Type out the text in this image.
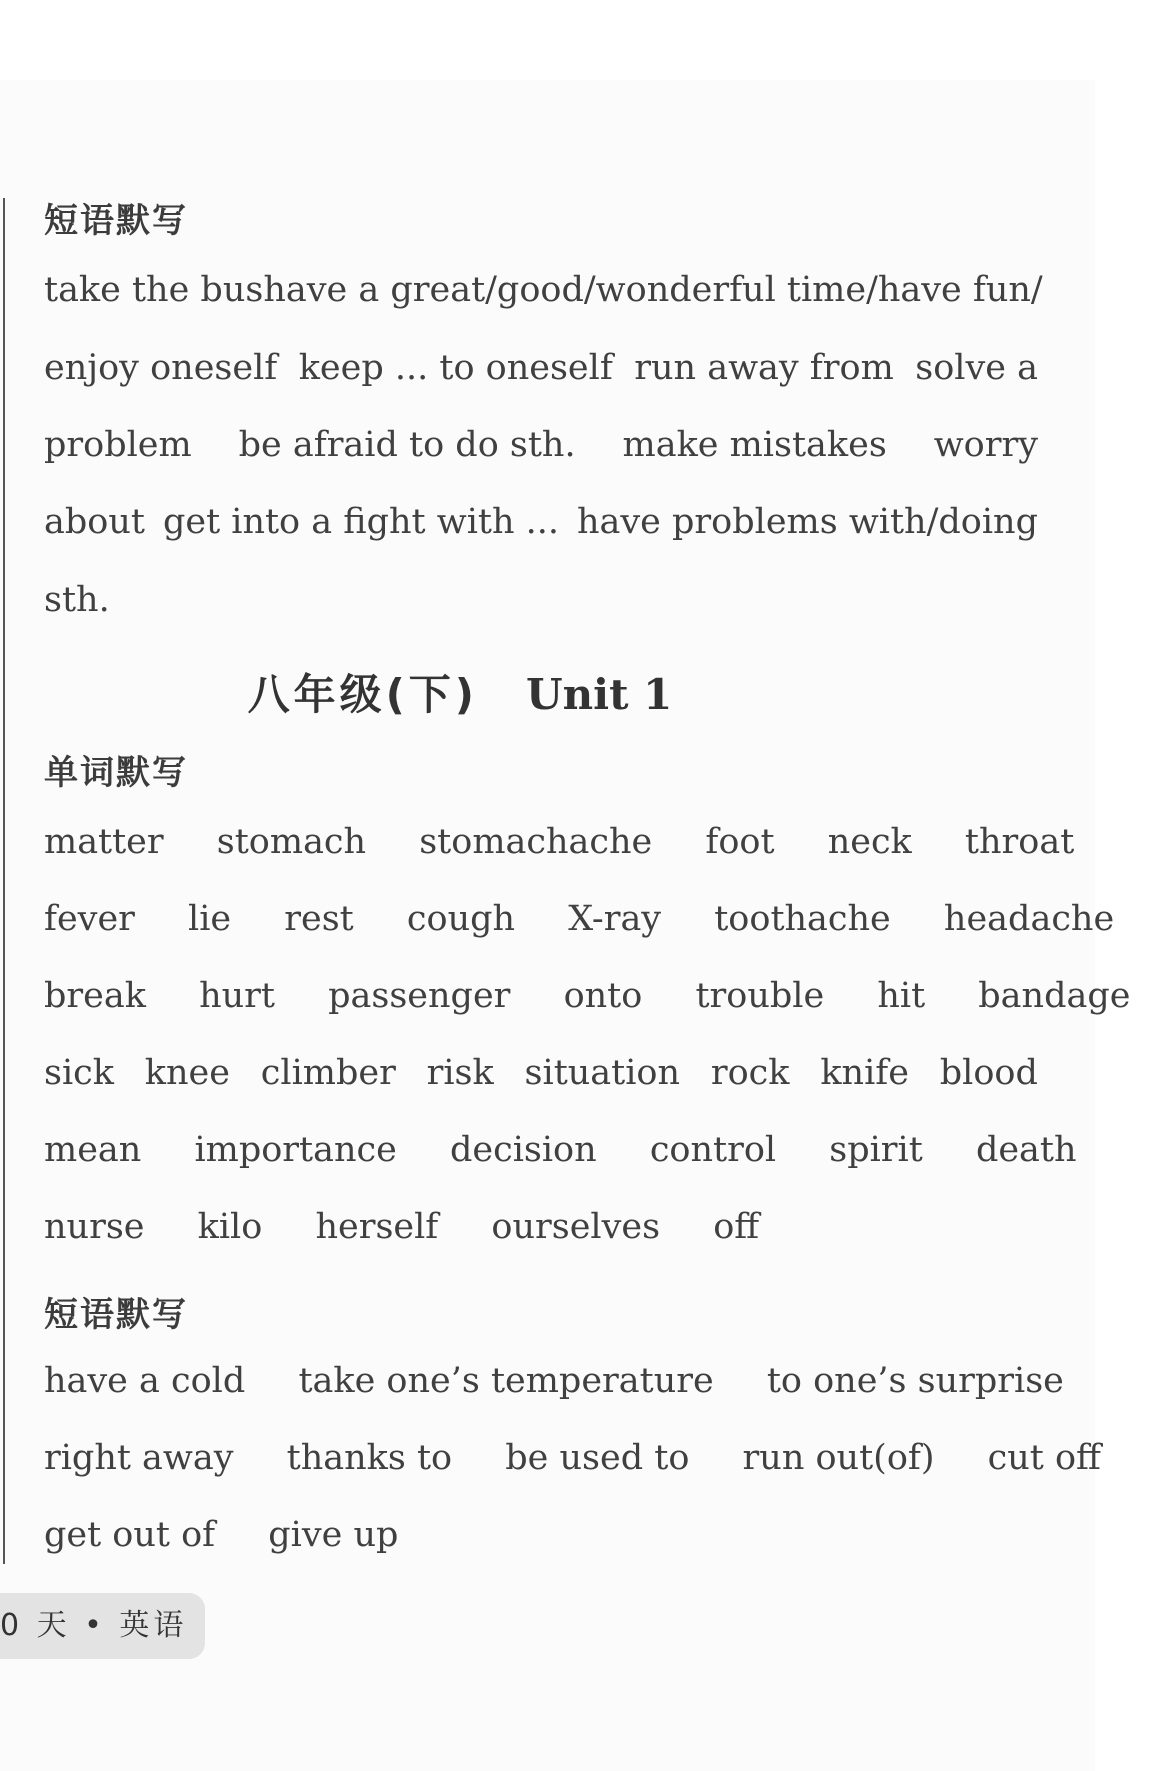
短语默写

take the bus have a great/good/wonderful time/have fun/

enjoy oneself keep ... to oneself run away from solve a

problem be afraid to do sth. make mistakes worry

about get into a fight with ... have problems with/doing

sth.

八年级(下) Unit 1
单词默写

matter stomach stomachache foot neck throat

fever lie rest cough X-ray toothache headache

break hurt passenger onto trouble hit bandage

sick knee climber risk situation rock knife blood

mean importance decision control spirit death

nurse kilo herself ourselves off

短语默写

have a cold take one’s temperature to one’s surprise

right away thanks to be used to run out(of) cut off

get out of give up

0 天 • 英语
